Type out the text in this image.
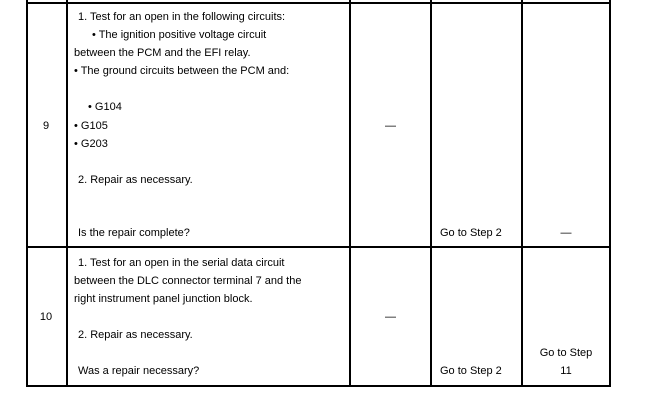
9
1. Test for an open in the following circuits:
• The ignition positive voltage circuit
between the PCM and the EFI relay.
• The ground circuits between the PCM and:
• G104
• G105
• G203
2. Repair as necessary.
Is the repair complete?
—
Go to Step 2	—
10
1. Test for an open in the serial data circuit
between the DLC connector terminal 7 and the
right instrument panel junction block.
2. Repair as necessary.
Was a repair necessary?
—
Go to Step 2
Go to Step
11
